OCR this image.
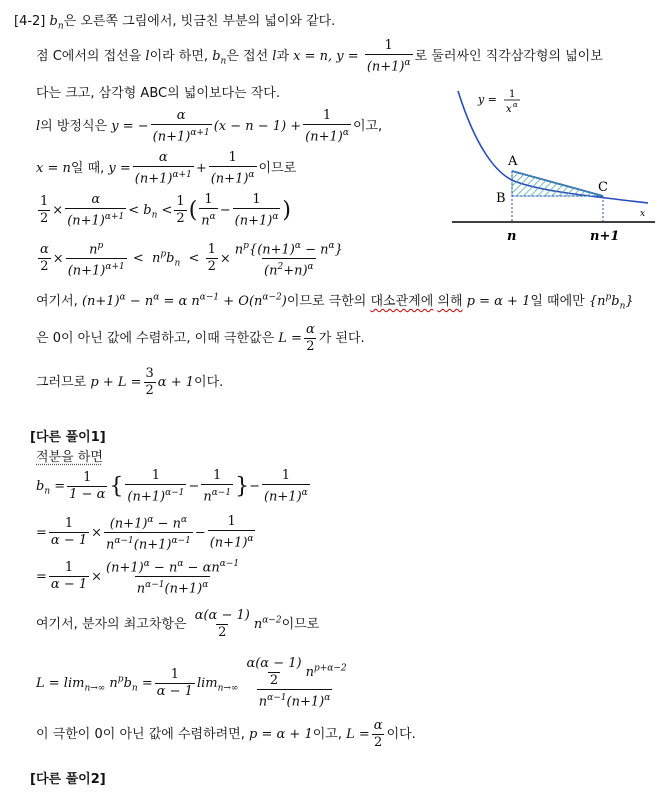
[4-2] $b_n$은 오른쪽 그림에서, 빗금친 부분의 넓이와 같다.
점 C에서의 접선을 l이라 하면, $b_n$은 접선 l과 x = n, $y = \frac{1}{(n+1)^\alpha}$ 로 둘러싸인 직각삼각형의 넓이보
다는 크고, 삼각형 ABC의 넓이보다는 작다.
l의 방정식은 y = − $\frac{\alpha}{(n+1)^{\alpha+1}} (x - n - 1) + \frac{1}{(n+1)^\alpha}$ 이고,
x = n일 때, $y = \frac{\alpha}{(n+1)^{\alpha+1}} + \frac{1}{(n+1)^\alpha}$ 이므로
$\frac{1}{2} \times \frac{\alpha}{(n+1)^{\alpha+1}} < b_n < \frac{1}{2}$ ( $\frac{1}{n^\alpha} - \frac{1}{(n+1)^\alpha}$ )
$\frac{\alpha}{2} \times \frac{n^p}{(n+1)^{\alpha+1}} < n^pb_n < \frac{1}{2} \times \frac{n^p\{(n+1)^\alpha - n^\alpha\}}{(n^2+n)^\alpha}$
여기서, $(n+1)^\alpha - n^\alpha = \alpha$ $n^{\alpha-1} + O(n^{\alpha-2})$이므로 극한의 대소관계에 의해 p = α + 1일 때에만 $\{n^pb_n\}$
은 0이 아닌 값에 수렴하고, 이때 극한값은 $L = \frac{\alpha}{2}$ 가 된다.
그러므로 $p + L = \frac{3}{2}$ α + 1이다.
[다른 풀이1]
적분을 하면
$b_n = \frac{1}{1 - \alpha}$ { $\frac{1}{(n+1)^{\alpha-1}} - \frac{1}{n^{\alpha-1}}$ }− $\frac{1}{(n+1)^\alpha}$
= $\frac{1}{\alpha - 1} \times \frac{(n+1)^\alpha - n^\alpha}{n^{\alpha-1}(n+1)^{\alpha-1}} - \frac{1}{(n+1)^\alpha}$
= $\frac{1}{\alpha - 1} \times \frac{(n+1)^\alpha - n^\alpha - \alpha n^{\alpha-1}}{n^{\alpha-1}(n+1)^\alpha}$
여기서, 분자의 최고차항은 $\frac{\alpha(\alpha - 1)}{2} n^{\alpha-2}$이므로
$L = \lim_{n\to\infty} n^pb_n = \frac{1}{\alpha - 1} \lim_{n\to\infty} \frac{\frac{\alpha(\alpha - 1)}{2} n^{p+\alpha-2}}{n^{\alpha-1}(n+1)^\alpha}$
이 극한이 0이 아닌 값에 수렴하려면, p = α + 1이고, $L = \frac{\alpha}{2}$ 이다.
[다른 풀이2]
y = 1
x α
A
B
C
x
n	n+1
